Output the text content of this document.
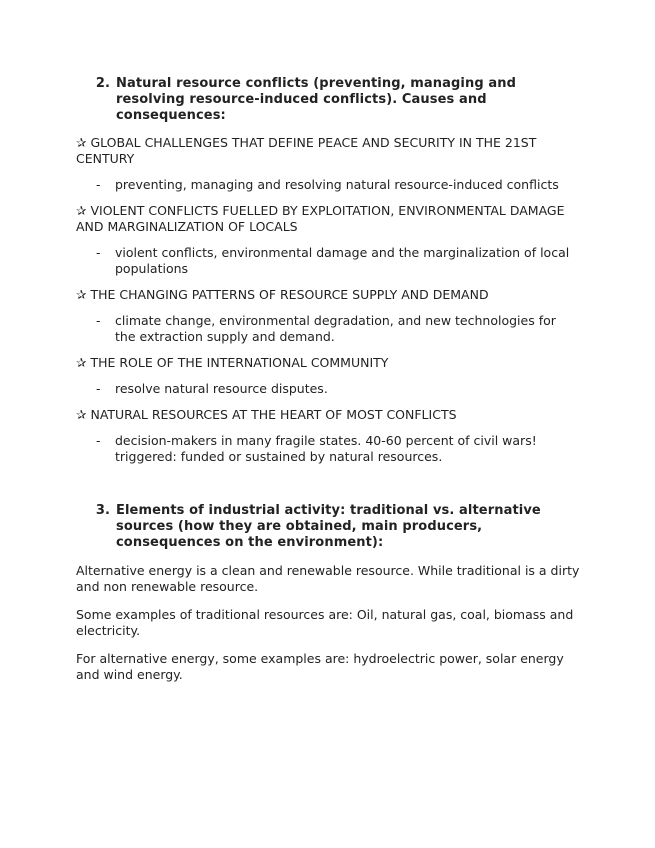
2. Natural resource conflicts (preventing, managing and resolving resource-induced conflicts). Causes and consequences:

✰ GLOBAL CHALLENGES THAT DEFINE PEACE AND SECURITY IN THE 21ST CENTURY

-	preventing, managing and resolving natural resource-induced conflicts

✰ VIOLENT CONFLICTS FUELLED BY EXPLOITATION, ENVIRONMENTAL DAMAGE AND MARGINALIZATION OF LOCALS

-	violent conflicts, environmental damage and the marginalization of local populations

✰ THE CHANGING PATTERNS OF RESOURCE SUPPLY AND DEMAND

-	climate change, environmental degradation, and new technologies for the extraction supply and demand.

✰ THE ROLE OF THE INTERNATIONAL COMMUNITY

-	resolve natural resource disputes.

✰ NATURAL RESOURCES AT THE HEART OF MOST CONFLICTS

-	decision-makers in many fragile states. 40-60 percent of civil wars! triggered: funded or sustained by natural resources.
3. Elements of industrial activity: traditional vs. alternative sources (how they are obtained, main producers, consequences on the environment):

Alternative energy is a clean and renewable resource. While traditional is a dirty and non renewable resource.

Some examples of traditional resources are: Oil, natural gas, coal, biomass and electricity.

For alternative energy, some examples are: hydroelectric power, solar energy and wind energy.
